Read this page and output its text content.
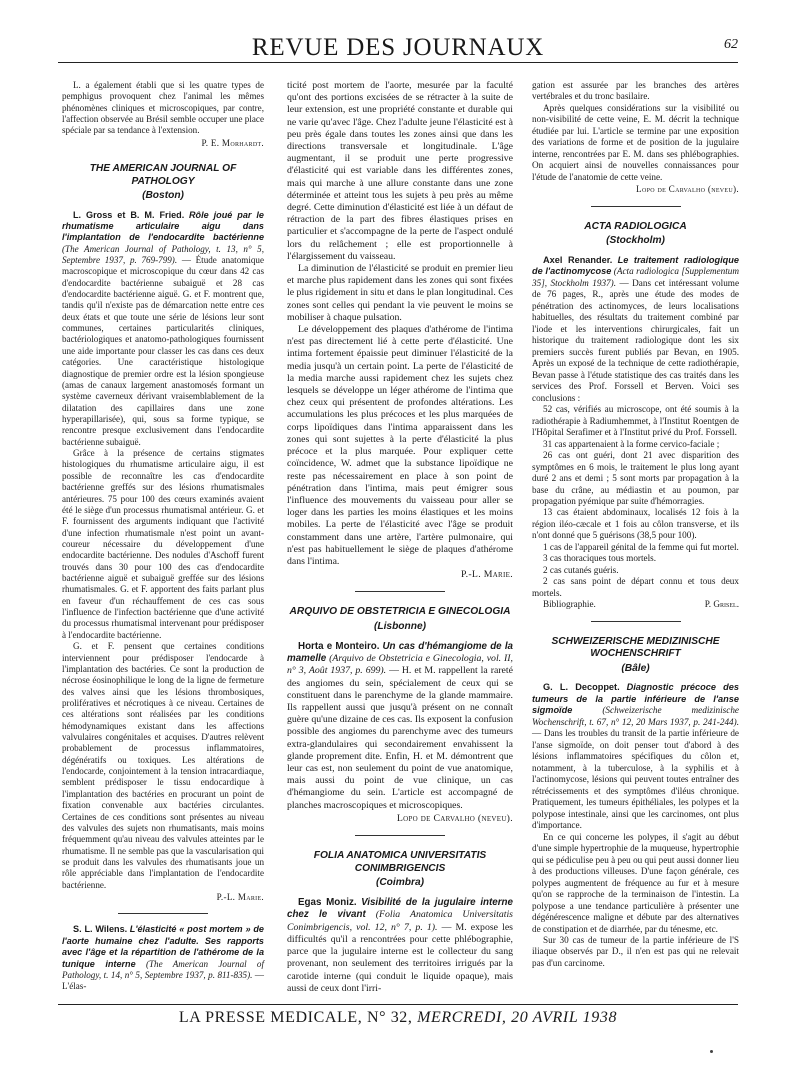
REVUE DES JOURNAUX	62

L. a également établi que si les quatre types de pemphigus provoquent chez l'animal les mêmes phénomènes cliniques et microscopiques, par contre, l'affection observée au Brésil semble occuper une place spéciale par sa tendance à l'extension.

P. E. Morhardt.
THE AMERICAN JOURNAL OF PATHOLOGY
(Boston)

L. Gross et B. M. Fried. Rôle joué par le rhumatisme articulaire aigu dans l'implantation de l'endocardite bactérienne (The American Journal of Pathology, t. 13, n° 5, Septembre 1937, p. 769-799). — Étude anatomique macroscopique et microscopique du cœur dans 42 cas d'endocardite bactérienne subaiguë et 28 cas d'endocardite bactérienne aiguë. G. et F. montrent que, tandis qu'il n'existe pas de démarcation nette entre ces deux états et que toute une série de lésions leur sont communes, certaines particularités cliniques, bactériologiques et anatomo-pathologiques fournissent une aide importante pour classer les cas dans ces deux catégories. Une caractéristique histologique diagnostique de premier ordre est la lésion spongieuse (amas de canaux largement anastomosés formant un système caverneux dérivant vraisemblablement de la dilatation des capillaires dans une zone hyperapillarisée), qui, sous sa forme typique, se rencontre presque exclusivement dans l'endocardite bactérienne subaiguë.

Grâce à la présence de certains stigmates histologiques du rhumatisme articulaire aigu, il est possible de reconnaître les cas d'endocardite bactérienne greffés sur des lésions rhumatismales antérieures. 75 pour 100 des cœurs examinés avaient été le siège d'un processus rhumatismal antérieur. G. et F. fournissent des arguments indiquant que l'activité d'une infection rhumatismale n'est point un avant-coureur nécessaire du développement d'une endocardite bactérienne. Des nodules d'Aschoff furent trouvés dans 30 pour 100 des cas d'endocardite bactérienne aiguë et subaiguë greffée sur des lésions rhumatismales. G. et F. apportent des faits parlant plus en faveur d'un réchauffement de ces cas sous l'influence de l'infection bactérienne que d'une activité du processus rhumatismal intervenant pour prédisposer à l'endocardite bactérienne.

G. et F. pensent que certaines conditions interviennent pour prédisposer l'endocarde à l'implantation des bactéries. Ce sont la production de nécrose éosinophilique le long de la ligne de fermeture des valves ainsi que les lésions thrombosiques, prolifératives et nécrotiques à ce niveau. Certaines de ces altérations sont réalisées par les conditions hémodynamiques existant dans les affections valvulaires congénitales et acquises. D'autres relèvent probablement de processus inflammatoires, dégénératifs ou toxiques. Les altérations de l'endocarde, conjointement à la tension intracardiaque, semblent prédisposer le tissu endocardique à l'implantation des bactéries en procurant un point de fixation convenable aux bactéries circulantes. Certaines de ces conditions sont présentes au niveau des valvules des sujets non rhumatisants, mais moins fréquemment qu'au niveau des valvules atteintes par le rhumatisme. Il ne semble pas que la vascularisation qui se produit dans les valvules des rhumatisants joue un rôle appréciable dans l'implantation de l'endocardite bactérienne.

P.-L. Marie.

S. L. Wilens. L'élasticité « post mortem » de l'aorte humaine chez l'adulte. Ses rapports avec l'âge et la répartition de l'athérome de la tunique interne (The American Journal of Pathology, t. 14, n° 5, Septembre 1937, p. 811-835). — L'élas-

ticité post mortem de l'aorte, mesurée par la faculté qu'ont des portions excisées de se rétracter à la suite de leur extension, est une propriété constante et durable qui ne varie qu'avec l'âge. Chez l'adulte jeune l'élasticité est à peu près égale dans toutes les zones ainsi que dans les directions transversale et longitudinale. L'âge augmentant, il se produit une perte progressive d'élasticité qui est variable dans les différentes zones, mais qui marche à une allure constante dans une zone déterminée et atteint tous les sujets à peu près au même degré. Cette diminution d'élasticité est liée à un défaut de rétraction de la part des fibres élastiques prises en particulier et s'accompagne de la perte de l'aspect ondulé lors du relâchement ; elle est proportionnelle à l'élargissement du vaisseau.

La diminution de l'élasticité se produit en premier lieu et marche plus rapidement dans les zones qui sont fixées le plus rigidement in situ et dans le plan longitudinal. Ces zones sont celles qui pendant la vie peuvent le moins se mobiliser à chaque pulsation.

Le développement des plaques d'athérome de l'intima n'est pas directement lié à cette perte d'élasticité. Une intima fortement épaissie peut diminuer l'élasticité de la media jusqu'à un certain point. La perte de l'élasticité de la media marche aussi rapidement chez les sujets chez lesquels se développe un léger athérome de l'intima que chez ceux qui présentent de profondes altérations. Les accumulations les plus précoces et les plus marquées de corps lipoïdiques dans l'intima apparaissent dans les zones qui sont sujettes à la perte d'élasticité la plus précoce et la plus marquée. Pour expliquer cette coïncidence, W. admet que la substance lipoïdique ne reste pas nécessairement en place à son point de pénétration dans l'intima, mais peut émigrer sous l'influence des mouvements du vaisseau pour aller se loger dans les parties les moins élastiques et les moins mobiles. La perte de l'élasticité avec l'âge se produit constamment dans une artère, l'artère pulmonaire, qui n'est pas habituellement le siège de plaques d'athérome dans l'intima.

P.-L. Marie.
ARQUIVO DE OBSTETRICIA E GINECOLOGIA
(Lisbonne)

Horta e Monteiro. Un cas d'hémangiome de la mamelle (Arquivo de Obstetricia e Ginecologia, vol. II, n° 3, Août 1937, p. 699). — H. et M. rappellent la rareté des angiomes du sein, spécialement de ceux qui se constituent dans le parenchyme de la glande mammaire. Ils rappellent aussi que jusqu'à présent on ne connaît guère qu'une dizaine de ces cas. Ils exposent la confusion possible des angiomes du parenchyme avec des tumeurs extra-glandulaires qui secondairement envahissent la glande proprement dite. Enfin, H. et M. démontrent que leur cas est, non seulement du point de vue anatomique, mais aussi du point de vue clinique, un cas d'hémangiome du sein. L'article est accompagné de planches macroscopiques et microscopiques.

Lopo de Carvalho (neveu).
FOLIA ANATOMICA UNIVERSITATIS CONIMBRIGENCIS
(Coimbra)

Egas Moniz. Visibilité de la jugulaire interne chez le vivant (Folia Anatomica Universitatis Conimbrigencis, vol. 12, n° 7, p. 1). — M. expose les difficultés qu'il a rencontrées pour cette phlébographie, parce que la jugulaire interne est le collecteur du sang provenant, non seulement des territoires irrigués par la carotide interne (qui conduit le liquide opaque), mais aussi de ceux dont l'irri-

gation est assurée par les branches des artères vertébrales et du tronc basilaire.

Après quelques considérations sur la visibilité ou non-visibilité de cette veine, E. M. décrit la technique étudiée par lui. L'article se termine par une exposition des variations de forme et de position de la jugulaire interne, rencontrées par E. M. dans ses phlébographies. On acquiert ainsi de nouvelles connaissances pour l'étude de l'anatomie de cette veine.

Lopo de Carvalho (neveu).
ACTA RADIOLOGICA
(Stockholm)

Axel Renander. Le traitement radiologique de l'actinomycose (Acta radiologica [Supplementum 35], Stockholm 1937). — Dans cet intéressant volume de 76 pages, R., après une étude des modes de pénétration des actinomyces, de leurs localisations habituelles, des résultats du traitement combiné par l'iode et les interventions chirurgicales, fait un historique du traitement radiologique dont les six premiers succès furent publiés par Bevan, en 1905. Après un exposé de la technique de cette radiothérapie, Bevan passe à l'étude statistique des cas traités dans les services des Prof. Forssell et Berven. Voici ses conclusions :

52 cas, vérifiés au microscope, ont été soumis à la radiothérapie à Radiumhemmet, à l'Institut Roentgen de l'Hôpital Serafimer et à l'Institut privé du Prof. Forssell.

31 cas appartenaient à la forme cervico-faciale ;

26 cas ont guéri, dont 21 avec disparition des symptômes en 6 mois, le traitement le plus long ayant duré 2 ans et demi ; 5 sont morts par propagation à la base du crâne, au médiastin et au poumon, par propagation pyémique par suite d'hémorragies.

13 cas étaient abdominaux, localisés 12 fois à la région iléo-cæcale et 1 fois au côlon transverse, et ils n'ont donné que 5 guérisons (38,5 pour 100).

1 cas de l'appareil génital de la femme qui fut mortel.

3 cas thoraciques tous mortels.

2 cas cutanés guéris.

2 cas sans point de départ connu et tous deux mortels.

Bibliographie.	P. Grisel.

SCHWEIZERISCHE MEDIZINISCHE WOCHENSCHRIFT
(Bâle)

G. L. Decoppet. Diagnostic précoce des tumeurs de la partie inférieure de l'anse sigmoïde	(Schweizerische medizinische Wochenschrift, t. 67, n° 12, 20 Mars 1937, p. 241-244). — Dans les troubles du transit de la partie inférieure de l'anse sigmoïde, on doit penser tout d'abord à des lésions inflammatoires spécifiques du côlon et, notamment, à la tuberculose, à la syphilis et à l'actinomycose, lésions qui peuvent toutes entraîner des rétrécissements et des symptômes d'iléus chronique. Pratiquement, les tumeurs épithéliales, les polypes et la polypose intestinale, ainsi que les carcinomes, ont plus d'importance.

En ce qui concerne les polypes, il s'agit au début d'une simple hypertrophie de la muqueuse, hypertrophie qui se pédiculise peu à peu ou qui peut aussi donner lieu à des productions villeuses. D'une façon générale, ces polypes augmentent de fréquence au fur et à mesure qu'on se rapproche de la terminaison de l'intestin. La polypose a une tendance particulière à présenter une dégénérescence maligne et débute par des alternatives de constipation et de diarrhée, par du ténesme, etc.

Sur 30 cas de tumeur de la partie inférieure de l'S iliaque observés par D., il n'en est pas qui ne relevait pas d'un carcinome.

LA PRESSE MEDICALE, N° 32, MERCREDI, 20 AVRIL 1938
